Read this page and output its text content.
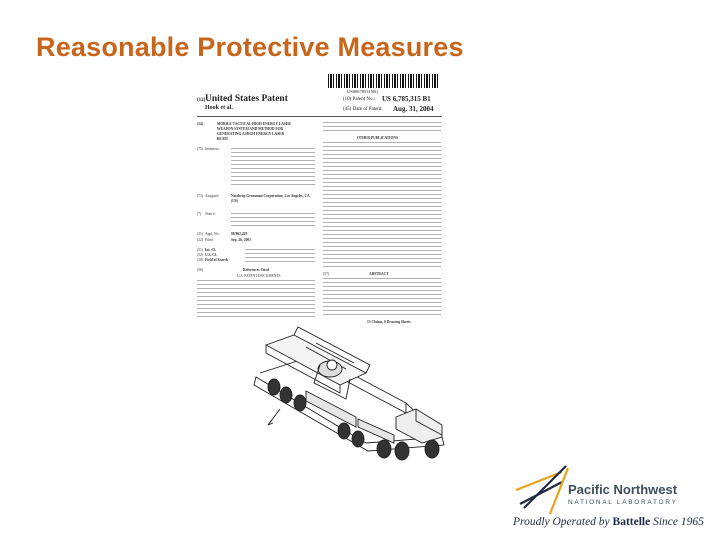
Reasonable Protective Measures
US006785315B1
(12) United States Patent
Hook et al.
(10) Patent No.: US 6,785,315 B1
(45) Date of Patent: Aug. 31, 2004
(54)	MOBILE TACTICAL HIGH ENERGY LASER
WEAPON SYSTEM AND METHOD FOR
GENERATING A HIGH ENERGY LASER
BEAM
(75) Inventors:
(73) Assignee:	Northrop Grumman Corporation, Los Angeles, CA (US)
(*) Notice:
(21) Appl. No.:	09/962,429
(22) Filed:	Sep. 26, 2001
(51) Int. Cl.
(52) U.S. Cl.
(58) Field of Search
(56)	References Cited
U.S. PATENT DOCUMENTS
OTHER PUBLICATIONS
(57)	ABSTRACT
13 Claims, 6 Drawing Sheets
Pacific Northwest
NATIONAL LABORATORY
Proudly Operated by Battelle Since 1965
